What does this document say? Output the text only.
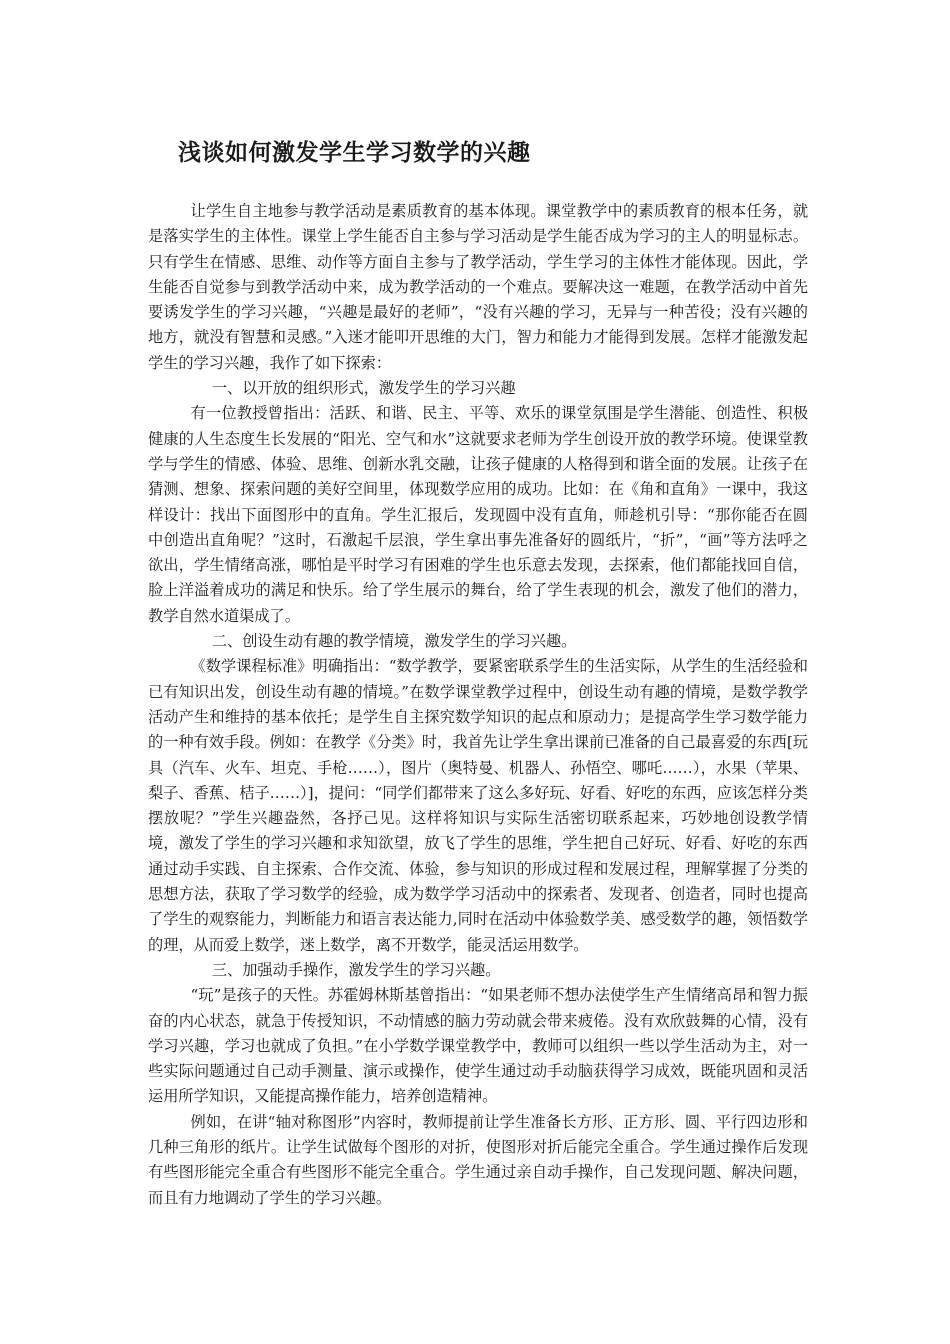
浅谈如何激发学生学习数学的兴趣

让学生自主地参与教学活动是素质教育的基本体现。课堂教学中的素质教育的根本任务，就是落实学生的主体性。课堂上学生能否自主参与学习活动是学生能否成为学习的主人的明显标志。只有学生在情感、思维、动作等方面自主参与了教学活动，学生学习的主体性才能体现。因此，学生能否自觉参与到教学活动中来，成为教学活动的一个难点。要解决这一难题，在教学活动中首先要诱发学生的学习兴趣，“兴趣是最好的老师”，“没有兴趣的学习，无异与一种苦役；没有兴趣的地方，就没有智慧和灵感。”入迷才能叩开思维的大门，智力和能力才能得到发展。怎样才能激发起学生的学习兴趣，我作了如下探索：

一、以开放的组织形式，激发学生的学习兴趣

有一位教授曾指出：活跃、和谐、民主、平等、欢乐的课堂氛围是学生潜能、创造性、积极健康的人生态度生长发展的“阳光、空气和水”这就要求老师为学生创设开放的教学环境。使课堂教学与学生的情感、体验、思维、创新水乳交融，让孩子健康的人格得到和谐全面的发展。让孩子在猜测、想象、探索问题的美好空间里，体现数学应用的成功。比如：在《角和直角》一课中，我这样设计：找出下面图形中的直角。学生汇报后，发现圆中没有直角，师趁机引导：“那你能否在圆中创造出直角呢？”这时，石激起千层浪，学生拿出事先准备好的圆纸片，“折”，“画”等方法呼之欲出，学生情绪高涨，哪怕是平时学习有困难的学生也乐意去发现，去探索，他们都能找回自信，脸上洋溢着成功的满足和快乐。给了学生展示的舞台，给了学生表现的机会，激发了他们的潜力，教学自然水道渠成了。

二、创设生动有趣的教学情境，激发学生的学习兴趣。

《数学课程标准》明确指出：“数学教学，要紧密联系学生的生活实际，从学生的生活经验和已有知识出发，创设生动有趣的情境。”在数学课堂教学过程中，创设生动有趣的情境，是数学教学活动产生和维持的基本依托；是学生自主探究数学知识的起点和原动力；是提高学生学习数学能力的一种有效手段。例如：在教学《分类》时，我首先让学生拿出课前已准备的自己最喜爱的东西[玩具（汽车、火车、坦克、手枪……），图片（奥特曼、机器人、孙悟空、哪吒……），水果（苹果、梨子、香蕉、桔子……）]，提问：“同学们都带来了这么多好玩、好看、好吃的东西，应该怎样分类摆放呢？”学生兴趣盎然，各抒己见。这样将知识与实际生活密切联系起来，巧妙地创设教学情境，激发了学生的学习兴趣和求知欲望，放飞了学生的思维，学生把自己好玩、好看、好吃的东西通过动手实践、自主探索、合作交流、体验，参与知识的形成过程和发展过程，理解掌握了分类的思想方法，获取了学习数学的经验，成为数学学习活动中的探索者、发现者、创造者，同时也提高了学生的观察能力，判断能力和语言表达能力,同时在活动中体验数学美、感受数学的趣，领悟数学的理，从而爱上数学，迷上数学，离不开数学，能灵活运用数学。

三、加强动手操作，激发学生的学习兴趣。

“玩”是孩子的天性。苏霍姆林斯基曾指出：“如果老师不想办法使学生产生情绪高昂和智力振奋的内心状态，就急于传授知识，不动情感的脑力劳动就会带来疲倦。没有欢欣鼓舞的心情，没有学习兴趣，学习也就成了负担。”在小学数学课堂教学中，教师可以组织一些以学生活动为主，对一些实际问题通过自己动手测量、演示或操作，使学生通过动手动脑获得学习成效，既能巩固和灵活运用所学知识，又能提高操作能力，培养创造精神。

例如，在讲“轴对称图形”内容时，教师提前让学生准备长方形、正方形、圆、平行四边形和几种三角形的纸片。让学生试做每个图形的对折，使图形对折后能完全重合。学生通过操作后发现有些图形能完全重合有些图形不能完全重合。学生通过亲自动手操作，自己发现问题、解决问题，而且有力地调动了学生的学习兴趣。
